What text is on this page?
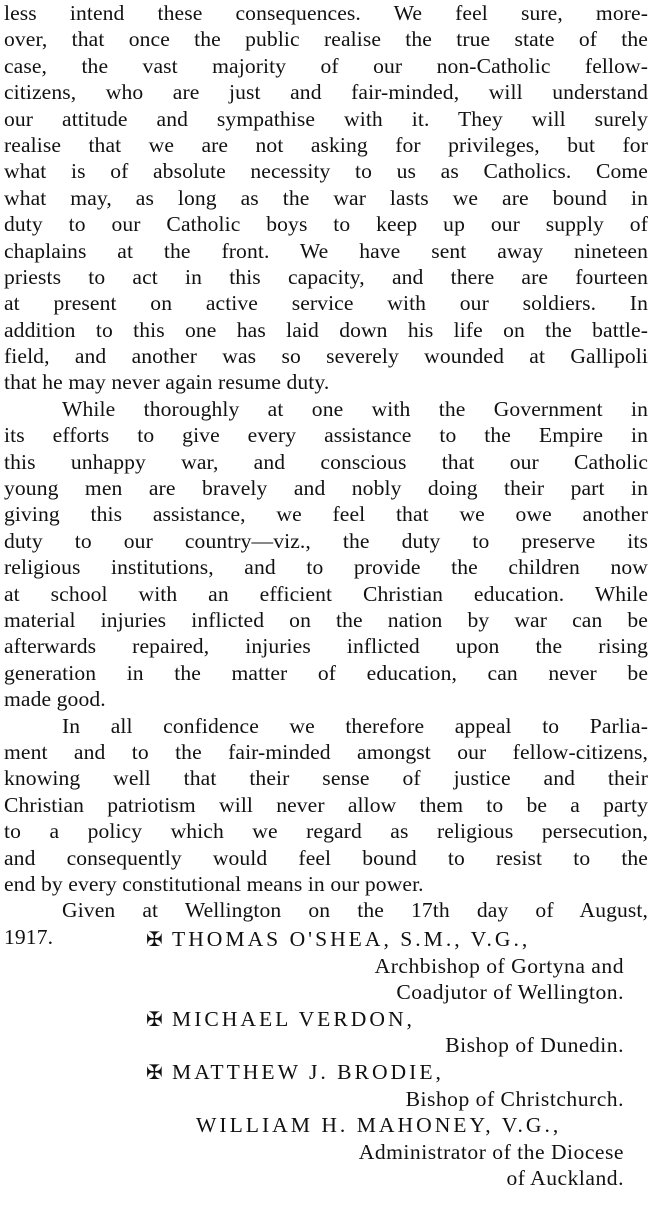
less intend these consequences. We feel sure, more-
over, that once the public realise the true state of the
case, the vast majority of our non-Catholic fellow-
citizens, who are just and fair-minded, will understand
our attitude and sympathise with it. They will surely
realise that we are not asking for privileges, but for
what is of absolute necessity to us as Catholics. Come
what may, as long as the war lasts we are bound in
duty to our Catholic boys to keep up our supply of
chaplains at the front. We have sent away nineteen
priests to act in this capacity, and there are fourteen
at present on active service with our soldiers. In
addition to this one has laid down his life on the battle-
field, and another was so severely wounded at Gallipoli
that he may never again resume duty.
While thoroughly at one with the Government in
its efforts to give every assistance to the Empire in
this unhappy war, and conscious that our Catholic
young men are bravely and nobly doing their part in
giving this assistance, we feel that we owe another
duty to our country—viz., the duty to preserve its
religious institutions, and to provide the children now
at school with an efficient Christian education. While
material injuries inflicted on the nation by war can be
afterwards repaired, injuries inflicted upon the rising
generation in the matter of education, can never be
made good.
In all confidence we therefore appeal to Parlia-
ment and to the fair-minded amongst our fellow-citizens,
knowing well that their sense of justice and their
Christian patriotism will never allow them to be a party
to a policy which we regard as religious persecution,
and consequently would feel bound to resist to the
end by every constitutional means in our power.
Given at Wellington on the 17th day of August,
1917.	✠ THOMAS O'SHEA, S.M., V.G.,
Archbishop of Gortyna and
Coadjutor of Wellington.
✠ MICHAEL VERDON,
Bishop of Dunedin.
✠ MATTHEW J. BRODIE,
Bishop of Christchurch.
WILLIAM H. MAHONEY, V.G.,
Administrator of the Diocese
of Auckland.
